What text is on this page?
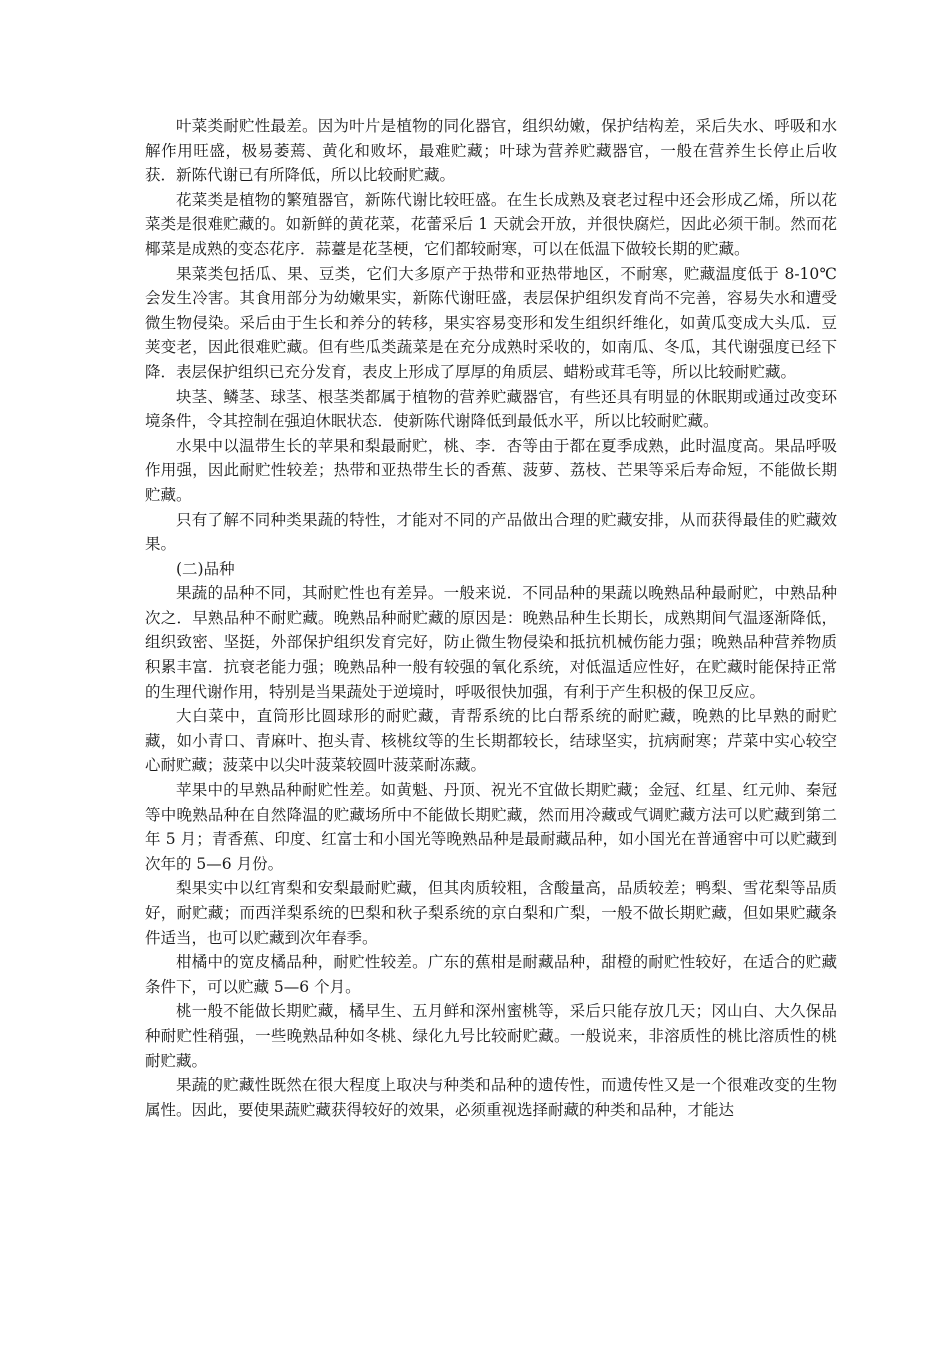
叶菜类耐贮性最差。因为叶片是植物的同化器官，组织幼嫩，保护结构差，采后失水、呼吸和水解作用旺盛，极易萎蔫、黄化和败坏，最难贮藏；叶球为营养贮藏器官，一般在营养生长停止后收获．新陈代谢已有所降低，所以比较耐贮藏。

花菜类是植物的繁殖器官，新陈代谢比较旺盛。在生长成熟及衰老过程中还会形成乙烯，所以花菜类是很难贮藏的。如新鲜的黄花菜，花蕾采后 1 天就会开放，并很快腐烂，因此必须干制。然而花椰菜是成熟的变态花序．蒜薹是花茎梗，它们都较耐寒，可以在低温下做较长期的贮藏。

果菜类包括瓜、果、豆类，它们大多原产于热带和亚热带地区，不耐寒，贮藏温度低于 8-10℃会发生冷害。其食用部分为幼嫩果实，新陈代谢旺盛，表层保护组织发育尚不完善，容易失水和遭受微生物侵染。采后由于生长和养分的转移，果实容易变形和发生组织纤维化，如黄瓜变成大头瓜．豆荚变老，因此很难贮藏。但有些瓜类蔬菜是在充分成熟时采收的，如南瓜、冬瓜，其代谢强度已经下降．表层保护组织已充分发育，表皮上形成了厚厚的角质层、蜡粉或茸毛等，所以比较耐贮藏。

块茎、鳞茎、球茎、根茎类都属于植物的营养贮藏器官，有些还具有明显的休眠期或通过改变环境条件，令其控制在强迫休眠状态．使新陈代谢降低到最低水平，所以比较耐贮藏。

水果中以温带生长的苹果和梨最耐贮，桃、李．杏等由于都在夏季成熟，此时温度高。果品呼吸作用强，因此耐贮性较差；热带和亚热带生长的香蕉、菠萝、荔枝、芒果等采后寿命短，不能做长期贮藏。

只有了解不同种类果蔬的特性，才能对不同的产品做出合理的贮藏安排，从而获得最佳的贮藏效果。

(二)品种

果蔬的品种不同，其耐贮性也有差异。一般来说．不同品种的果蔬以晚熟品种最耐贮，中熟品种次之．早熟品种不耐贮藏。晚熟品种耐贮藏的原因是：晚熟品种生长期长，成熟期间气温逐渐降低，组织致密、坚挺，外部保护组织发育完好，防止微生物侵染和抵抗机械伤能力强；晚熟品种营养物质积累丰富．抗衰老能力强；晚熟品种一般有较强的氧化系统，对低温适应性好，在贮藏时能保持正常的生理代谢作用，特别是当果蔬处于逆境时，呼吸很快加强，有利于产生积极的保卫反应。

大白菜中，直筒形比圆球形的耐贮藏，青帮系统的比白帮系统的耐贮藏，晚熟的比早熟的耐贮藏，如小青口、青麻叶、抱头青、核桃纹等的生长期都较长，结球坚实，抗病耐寒；芹菜中实心较空心耐贮藏；菠菜中以尖叶菠菜较圆叶菠菜耐冻藏。

苹果中的早熟品种耐贮性差。如黄魁、丹顶、祝光不宜做长期贮藏；金冠、红星、红元帅、秦冠等中晚熟品种在自然降温的贮藏场所中不能做长期贮藏，然而用冷藏或气调贮藏方法可以贮藏到第二年 5 月；青香蕉、印度、红富士和小国光等晚熟品种是最耐藏品种，如小国光在普通窖中可以贮藏到次年的 5—6 月份。

梨果实中以红宵梨和安梨最耐贮藏，但其肉质较粗，含酸量高，品质较差；鸭梨、雪花梨等品质好，耐贮藏；而西洋梨系统的巴梨和秋子梨系统的京白梨和广梨，一般不做长期贮藏，但如果贮藏条件适当，也可以贮藏到次年春季。

柑橘中的宽皮橘品种，耐贮性较差。广东的蕉柑是耐藏品种，甜橙的耐贮性较好，在适合的贮藏条件下，可以贮藏 5—6 个月。

桃一般不能做长期贮藏，橘早生、五月鲜和深州蜜桃等，采后只能存放几天；冈山白、大久保品种耐贮性稍强，一些晚熟品种如冬桃、绿化九号比较耐贮藏。一般说来，非溶质性的桃比溶质性的桃耐贮藏。

果蔬的贮藏性既然在很大程度上取决与种类和品种的遗传性，而遗传性又是一个很难改变的生物属性。因此，要使果蔬贮藏获得较好的效果，必须重视选择耐藏的种类和品种，才能达
